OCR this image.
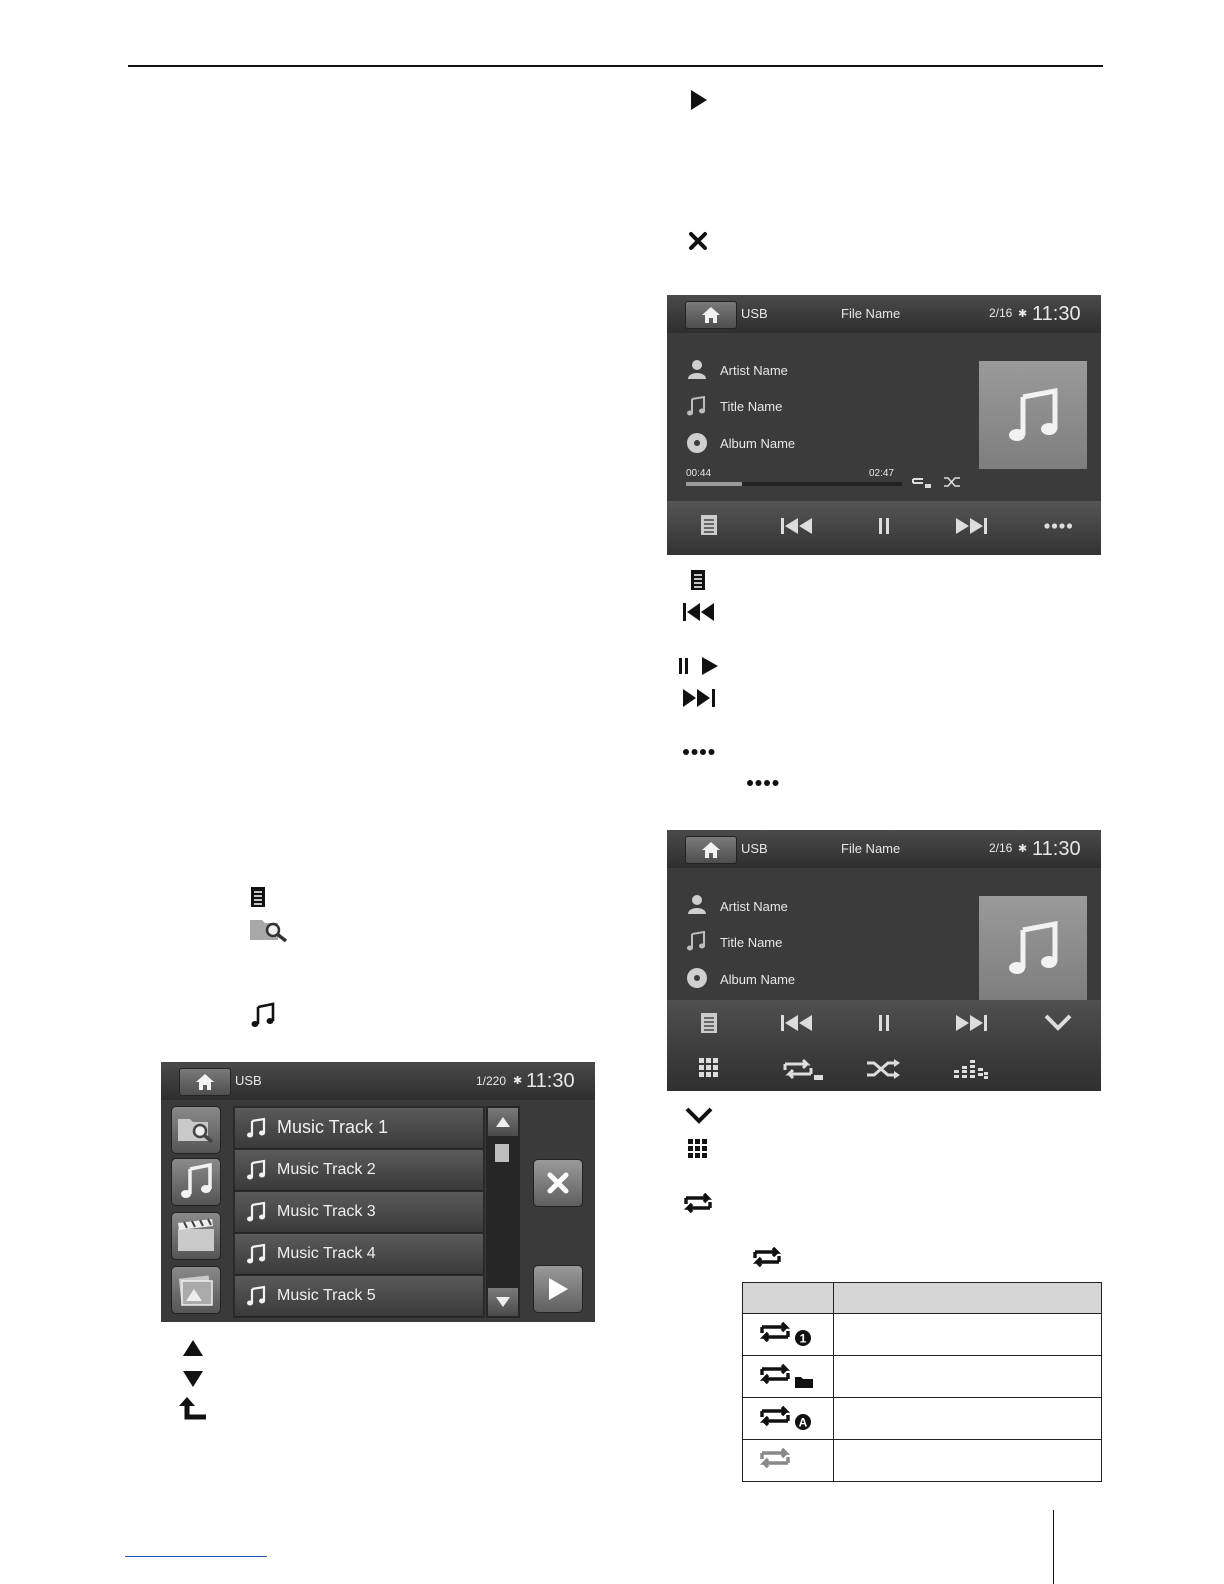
USB	File Name	2/16 ✱ 11:30
Artist Name
Title Name
Album Name
00:44	02:47
USB	File Name	2/16 ✱ 11:30
Artist Name
Title Name
Album Name

1	

A	

USB	1/220 ✱ 11:30
Music Track 1
Music Track 2
Music Track 3
Music Track 4
Music Track 5
